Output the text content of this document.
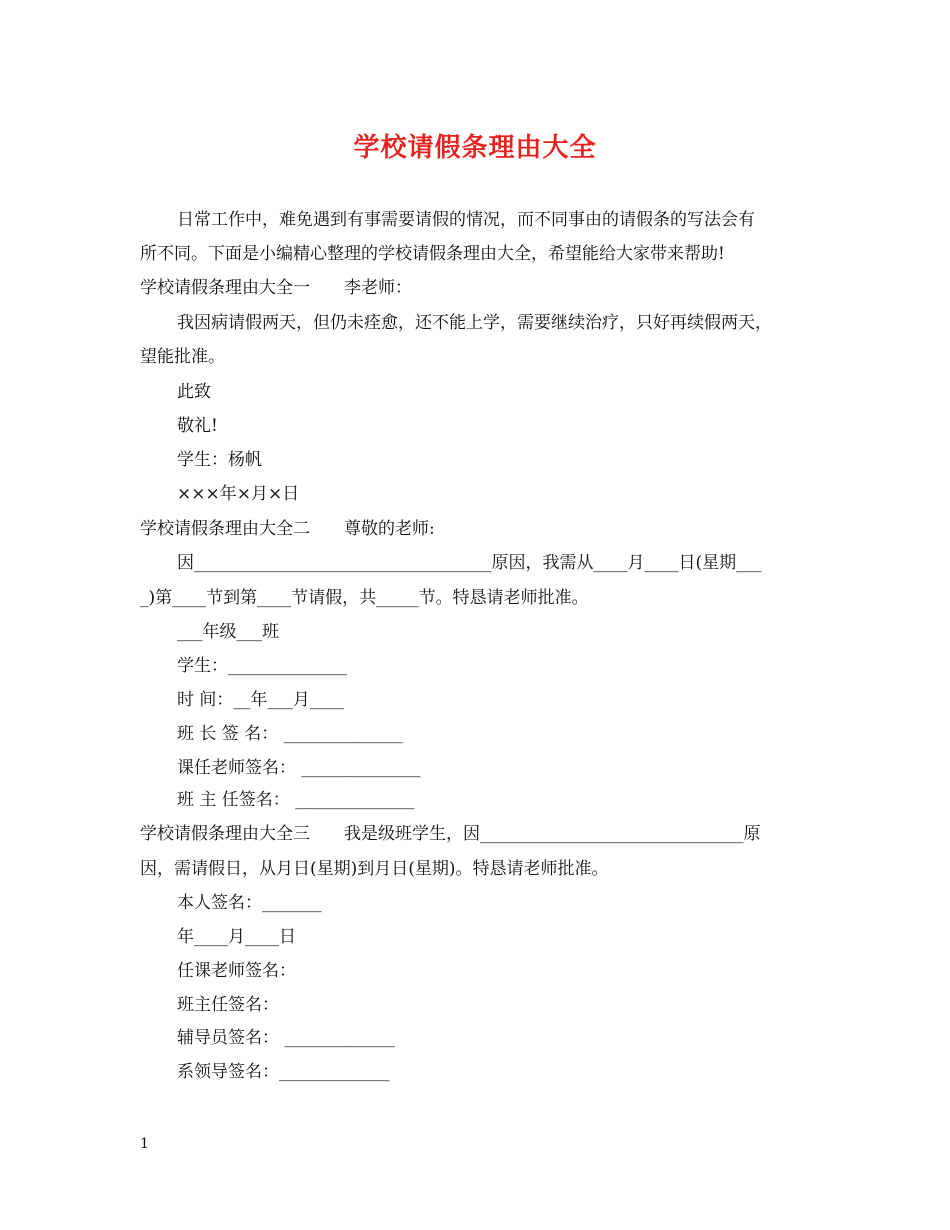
学校请假条理由大全
日常工作中，难免遇到有事需要请假的情况，而不同事由的请假条的写法会有
所不同。下面是小编精心整理的学校请假条理由大全，希望能给大家带来帮助!
学校请假条理由大全一　　李老师：
我因病请假两天，但仍未痊愈，还不能上学，需要继续治疗，只好再续假两天，
望能批准。
此致
敬礼!
学生：杨帆
×××年×月×日
学校请假条理由大全二　　尊敬的老师:
因___________________________________原因，我需从____月____日(星期___
_)第____节到第____节请假，共_____节。特恳请老师批准。
___年级___班
学生：______________
时 间：__年___月____
班 长 签 名： ______________
课任老师签名： ______________
班 主 任签名： ______________
学校请假条理由大全三　　我是级班学生，因_______________________________原
因，需请假日，从月日(星期)到月日(星期)。特恳请老师批准。
本人签名：_______
年____月____日
任课老师签名：
班主任签名：
辅导员签名： _____________
系领导签名：_____________
1
